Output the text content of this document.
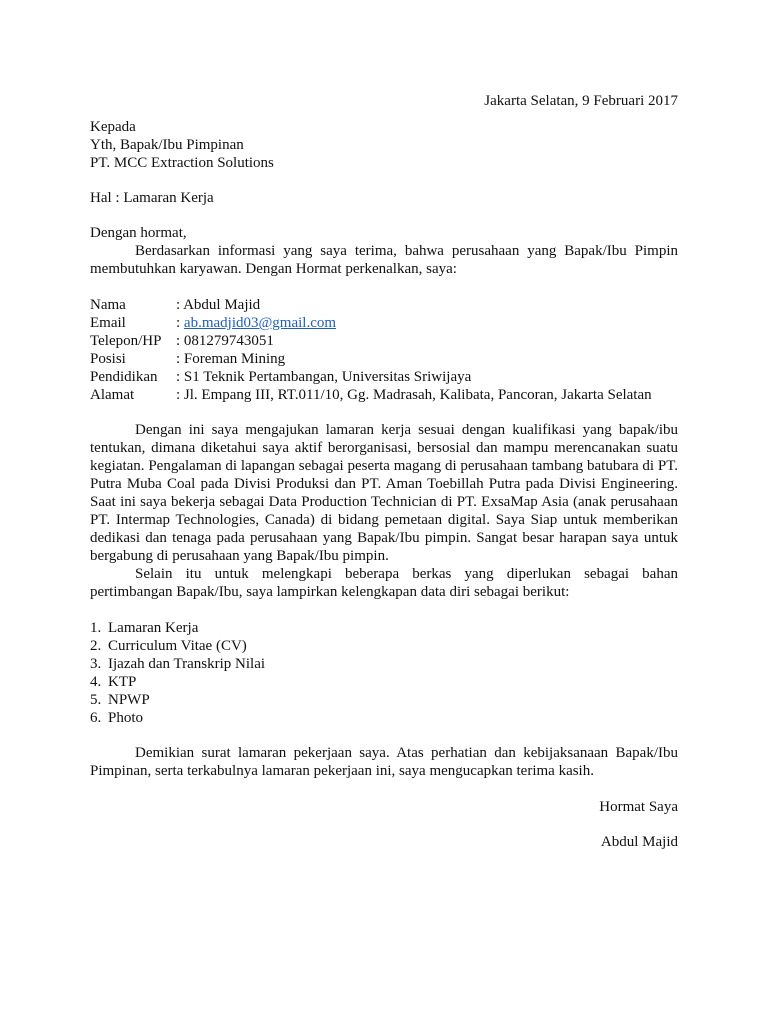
Jakarta Selatan, 9 Februari 2017
Kepada
Yth, Bapak/Ibu Pimpinan
PT. MCC Extraction Solutions
Hal : Lamaran Kerja
Dengan hormat,

Berdasarkan informasi yang saya terima, bahwa perusahaan yang Bapak/Ibu Pimpin membutuhkan karyawan. Dengan Hormat perkenalkan, saya:

Nama	: Abdul Majid
Email	: ab.madjid03@gmail.com
Telepon/HP : 081279743051
Posisi	: Foreman Mining
Pendidikan	: S1 Teknik Pertambangan, Universitas Sriwijaya
Alamat	: Jl. Empang III, RT.011/10, Gg. Madrasah, Kalibata, Pancoran, Jakarta Selatan

Dengan ini saya mengajukan lamaran kerja sesuai dengan kualifikasi yang bapak/ibu tentukan, dimana diketahui saya aktif berorganisasi, bersosial dan mampu merencanakan suatu kegiatan. Pengalaman di lapangan sebagai peserta magang di perusahaan tambang batubara di PT. Putra Muba Coal pada Divisi Produksi dan PT. Aman Toebillah Putra pada Divisi Engineering. Saat ini saya bekerja sebagai Data Production Technician di PT. ExsaMap Asia (anak perusahaan PT. Intermap Technologies, Canada) di bidang pemetaan digital. Saya Siap untuk memberikan dedikasi dan tenaga pada perusahaan yang Bapak/Ibu pimpin. Sangat besar harapan saya untuk bergabung di perusahaan yang Bapak/Ibu pimpin.

Selain itu untuk melengkapi beberapa berkas yang diperlukan sebagai bahan pertimbangan Bapak/Ibu, saya lampirkan kelengkapan data diri sebagai berikut:

1. Lamaran Kerja
2. Curriculum Vitae (CV)
3. Ijazah dan Transkrip Nilai
4. KTP
5. NPWP
6. Photo

Demikian surat lamaran pekerjaan saya. Atas perhatian dan kebijaksanaan Bapak/Ibu Pimpinan, serta terkabulnya lamaran pekerjaan ini, saya mengucapkan terima kasih.

Hormat Saya
Abdul Majid
